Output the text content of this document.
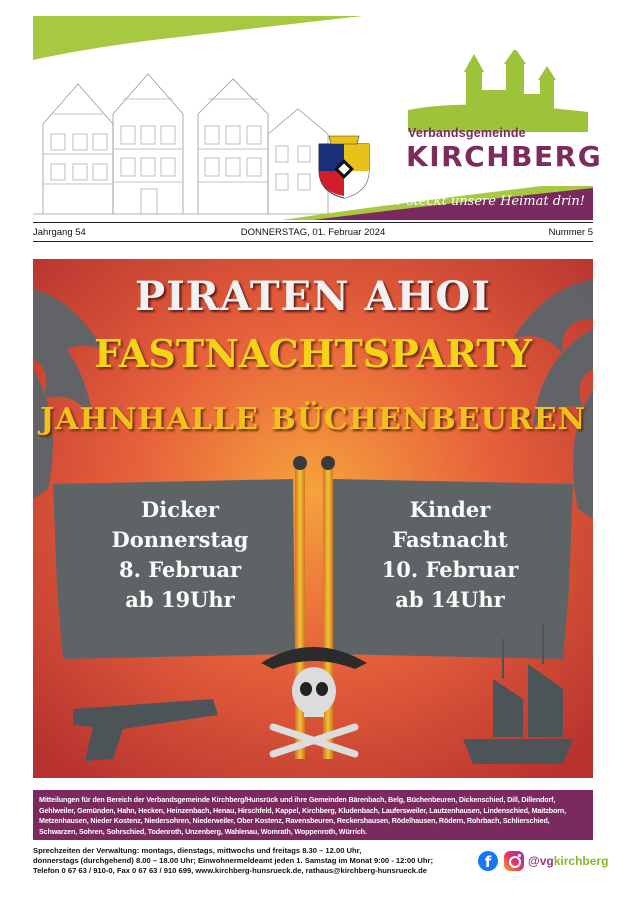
Verbandsgemeinde
KIRCHBERG
Hier steckt unsere Heimat drin!
Jahrgang 54	DONNERSTAG, 01. Februar 2024	Nummer 5
PIRATEN AHOI
FASTNACHTSPARTY
JAHNHALLE BÜCHENBEUREN
Dicker
Donnerstag
8. Februar
ab 19Uhr
Kinder
Fastnacht
10. Februar
ab 14Uhr
Mitteilungen für den Bereich der Verbandsgemeinde Kirchberg/Hunsrück und ihre Gemeinden Bärenbach, Belg, Büchenbeuren, Dickenschied, Dill, Dillendorf, Gehlweiler, Gemünden, Hahn, Hecken, Heinzenbach, Henau, Hirschfeld, Kappel, Kirchberg, Kludenbach, Laufersweiler, Lautzenhausen, Lindenschied, Maitzborn, Metzenhausen, Nieder Kostenz, Niedersohren, Niederweiler, Ober Kostenz, Ravensbeuren, Reckershausen, Rödelhausen, Rödern, Rohrbach, Schlierschied, Schwarzen, Sohren, Sohrschied, Todenroth, Unzenberg, Wahlenau, Womrath, Woppenroth, Würrich.
Sprechzeiten der Verwaltung: montags, dienstags, mittwochs und freitags 8.30 – 12.00 Uhr,
donnerstags (durchgehend) 8.00 – 18.00 Uhr; Einwohnermeldeamt jeden 1. Samstag im Monat 9:00 - 12:00 Uhr;
Telefon 0 67 63 / 910-0, Fax 0 67 63 / 910 699, www.kirchberg-hunsrueck.de, rathaus@kirchberg-hunsrueck.de	f	@vgkirchberg
